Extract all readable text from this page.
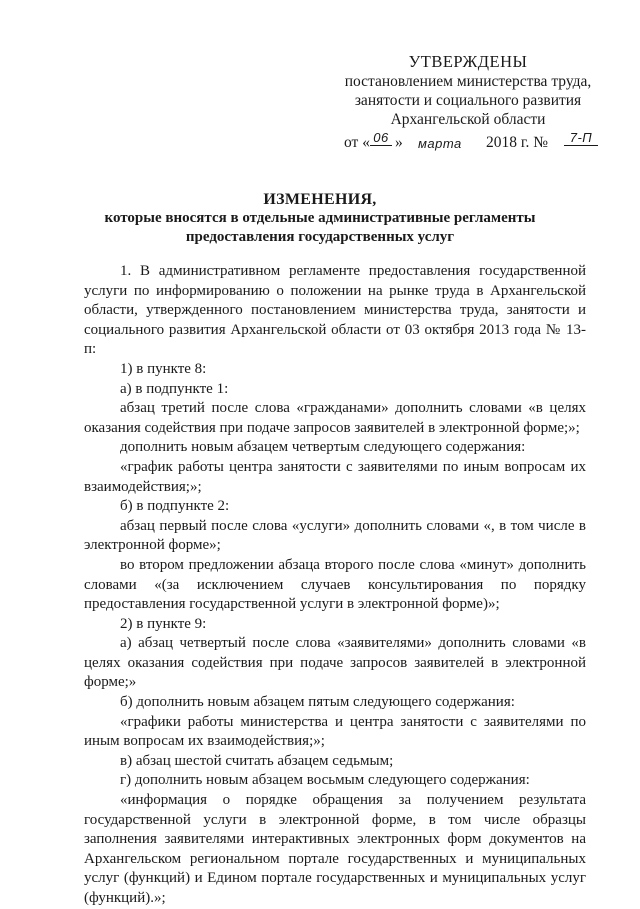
УТВЕРЖДЕНЫ
постановлением министерства труда,
занятости и социального развития
Архангельской области
от « 06 » марта 2018 г. №	7-П
ИЗМЕНЕНИЯ,
которые вносятся в отдельные административные регламенты
предоставления государственных услуг

1. В административном регламенте предоставления государственной услуги по информированию о положении на рынке труда в Архангельской области, утвержденного постановлением министерства труда, занятости и социального развития Архангельской области от 03 октября 2013 года № 13-п:

1) в пункте 8:

а) в подпункте 1:

абзац третий после слова «гражданами» дополнить словами «в целях оказания содействия при подаче запросов заявителей в электронной форме;»;

дополнить новым абзацем четвертым следующего содержания:

«график работы центра занятости с заявителями по иным вопросам их взаимодействия;»;

б) в подпункте 2:

абзац первый после слова «услуги» дополнить словами «, в том числе в электронной форме»;

во втором предложении абзаца второго после слова «минут» дополнить словами «(за исключением случаев консультирования по порядку предоставления государственной услуги в электронной форме)»;

2) в пункте 9:

а) абзац четвертый после слова «заявителями» дополнить словами «в целях оказания содействия при подаче запросов заявителей в электронной форме;»

б) дополнить новым абзацем пятым следующего содержания:

«графики работы министерства и центра занятости с заявителями по иным вопросам их взаимодействия;»;

в) абзац шестой считать абзацем седьмым;

г) дополнить новым абзацем восьмым следующего содержания:

«информация о порядке обращения за получением результата государственной услуги в электронной форме, в том числе образцы заполнения заявителями интерактивных электронных форм документов на Архангельском региональном портале государственных и муниципальных услуг (функций) и Едином портале государственных и муниципальных услуг (функций).»;
